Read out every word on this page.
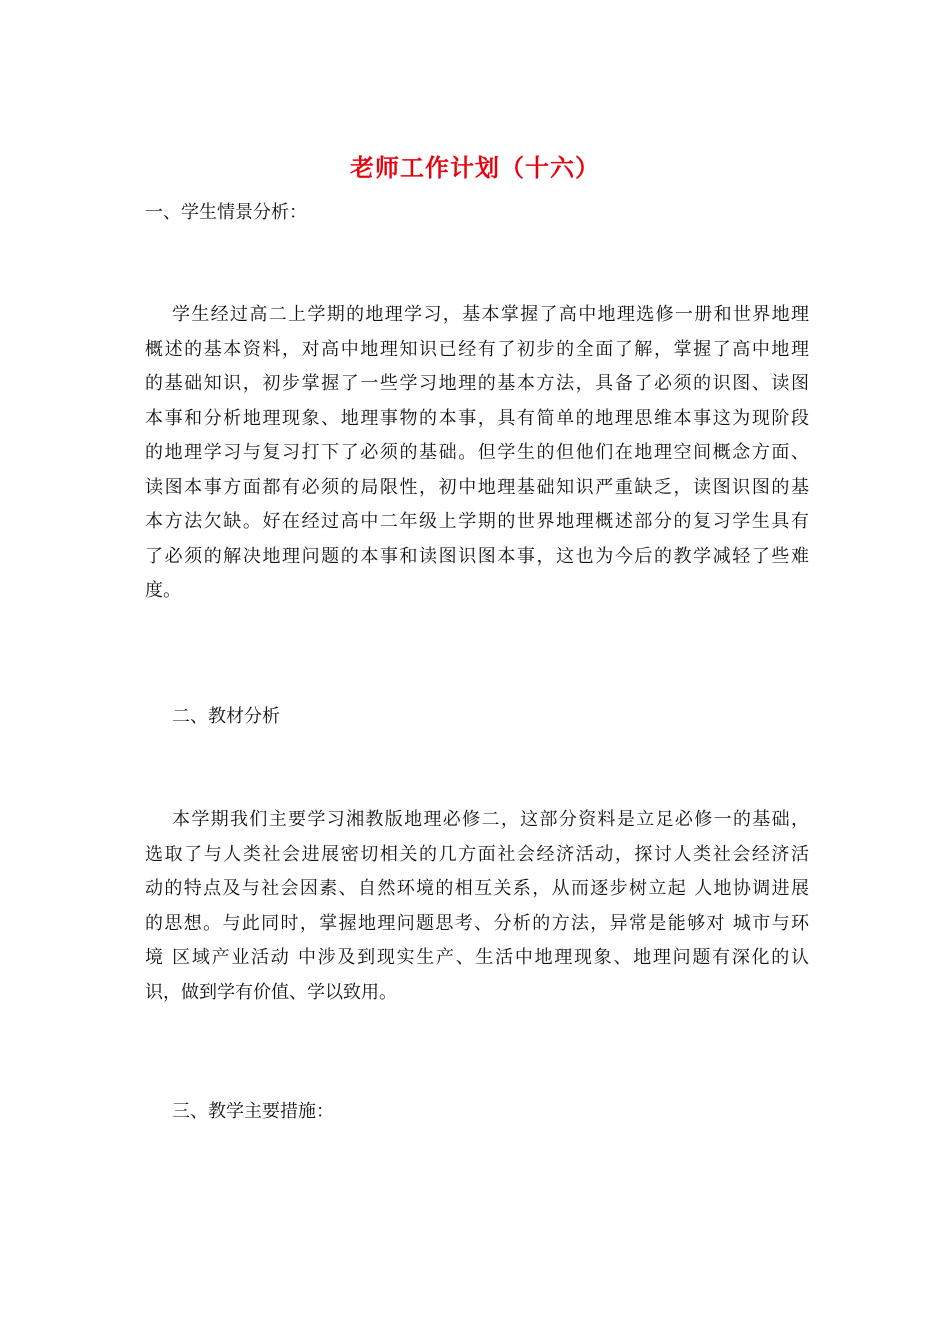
老师工作计划（十六）
一、学生情景分析：
学生经过高二上学期的地理学习，基本掌握了高中地理选修一册和世界地理
概述的基本资料，对高中地理知识已经有了初步的全面了解，掌握了高中地理
的基础知识，初步掌握了一些学习地理的基本方法，具备了必须的识图、读图
本事和分析地理现象、地理事物的本事，具有简单的地理思维本事这为现阶段
的地理学习与复习打下了必须的基础。但学生的但他们在地理空间概念方面、
读图本事方面都有必须的局限性，初中地理基础知识严重缺乏，读图识图的基
本方法欠缺。好在经过高中二年级上学期的世界地理概述部分的复习学生具有
了必须的解决地理问题的本事和读图识图本事，这也为今后的教学减轻了些难
度。
二、教材分析
本学期我们主要学习湘教版地理必修二，这部分资料是立足必修一的基础，
选取了与人类社会进展密切相关的几方面社会经济活动，探讨人类社会经济活
动的特点及与社会因素、自然环境的相互关系，从而逐步树立起 人地协调进展
的思想。与此同时，掌握地理问题思考、分析的方法，异常是能够对 城市与环
境 区域产业活动 中涉及到现实生产、生活中地理现象、地理问题有深化的认
识，做到学有价值、学以致用。
三、教学主要措施：
